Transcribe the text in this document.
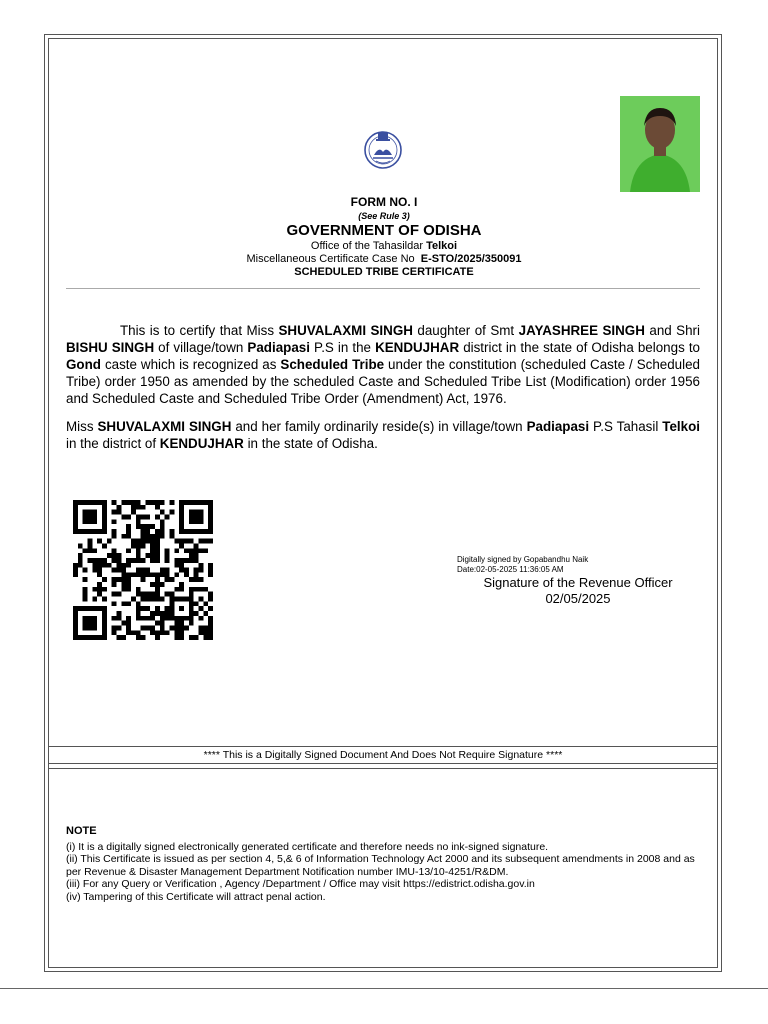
FORM NO. I
(See Rule 3)
GOVERNMENT OF ODISHA
Office of the Tahasildar Telkoi
Miscellaneous Certificate Case No E-STO/2025/350091
SCHEDULED TRIBE CERTIFICATE
This is to certify that Miss SHUVALAXMI SINGH daughter of Smt JAYASHREE SINGH and Shri BISHU SINGH of village/town Padiapasi P.S in the KENDUJHAR district in the state of Odisha belongs to Gond caste which is recognized as Scheduled Tribe under the constitution (scheduled Caste / Scheduled Tribe) order 1950 as amended by the scheduled Caste and Scheduled Tribe List (Modification) order 1956 and Scheduled Caste and Scheduled Tribe Order (Amendment) Act, 1976.
Miss SHUVALAXMI SINGH and her family ordinarily reside(s) in village/town Padiapasi P.S Tahasil Telkoi in the district of KENDUJHAR in the state of Odisha.
Digitally signed by Gopabandhu Naik
Date:02-05-2025 11:36:05 AM
Signature of the Revenue Officer
02/05/2025
**** This is a Digitally Signed Document And Does Not Require Signature ****
NOTE
(i) It is a digitally signed electronically generated certificate and therefore needs no ink-signed signature.
(ii) This Certificate is issued as per section 4, 5,& 6 of Information Technology Act 2000 and its subsequent amendments in 2008 and as per Revenue & Disaster Management Department Notification number IMU-13/10-4251/R&DM.
(iii) For any Query or Verification , Agency /Department / Office may visit https://edistrict.odisha.gov.in
(iv) Tampering of this Certificate will attract penal action.
